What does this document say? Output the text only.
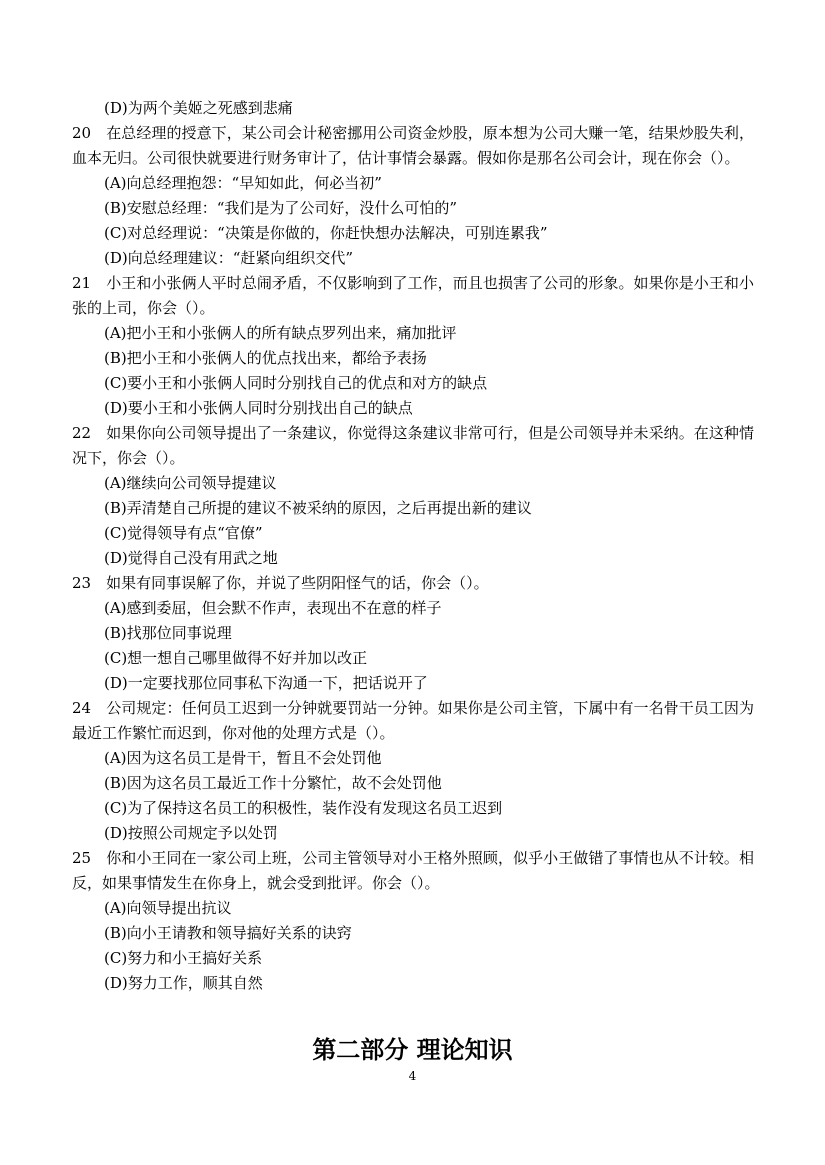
(D)为两个美姬之死感到悲痛
20　在总经理的授意下，某公司会计秘密挪用公司资金炒股，原本想为公司大赚一笔，结果炒股失利，血本无归。公司很快就要进行财务审计了，估计事情会暴露。假如你是那名公司会计，现在你会（）。
(A)向总经理抱怨：“早知如此，何必当初”
(B)安慰总经理：“我们是为了公司好，没什么可怕的”
(C)对总经理说：“决策是你做的，你赶快想办法解决，可别连累我”
(D)向总经理建议：“赶紧向组织交代”
21　小王和小张俩人平时总闹矛盾，不仅影响到了工作，而且也损害了公司的形象。如果你是小王和小张的上司，你会（）。
(A)把小王和小张俩人的所有缺点罗列出来，痛加批评
(B)把小王和小张俩人的优点找出来，都给予表扬
(C)要小王和小张俩人同时分别找自己的优点和对方的缺点
(D)要小王和小张俩人同时分别找出自己的缺点
22　如果你向公司领导提出了一条建议，你觉得这条建议非常可行，但是公司领导并未采纳。在这种情况下，你会（）。
(A)继续向公司领导提建议
(B)弄清楚自己所提的建议不被采纳的原因，之后再提出新的建议
(C)觉得领导有点“官僚”
(D)觉得自己没有用武之地
23　如果有同事误解了你，并说了些阴阳怪气的话，你会（）。
(A)感到委屈，但会默不作声，表现出不在意的样子
(B)找那位同事说理
(C)想一想自己哪里做得不好并加以改正
(D)一定要找那位同事私下沟通一下，把话说开了
24　公司规定：任何员工迟到一分钟就要罚站一分钟。如果你是公司主管，下属中有一名骨干员工因为最近工作繁忙而迟到，你对他的处理方式是（）。
(A)因为这名员工是骨干，暂且不会处罚他
(B)因为这名员工最近工作十分繁忙，故不会处罚他
(C)为了保持这名员工的积极性，装作没有发现这名员工迟到
(D)按照公司规定予以处罚
25　你和小王同在一家公司上班，公司主管领导对小王格外照顾，似乎小王做错了事情也从不计较。相反，如果事情发生在你身上，就会受到批评。你会（）。
(A)向领导提出抗议
(B)向小王请教和领导搞好关系的诀窍
(C)努力和小王搞好关系
(D)努力工作，顺其自然
第二部分 理论知识
4
